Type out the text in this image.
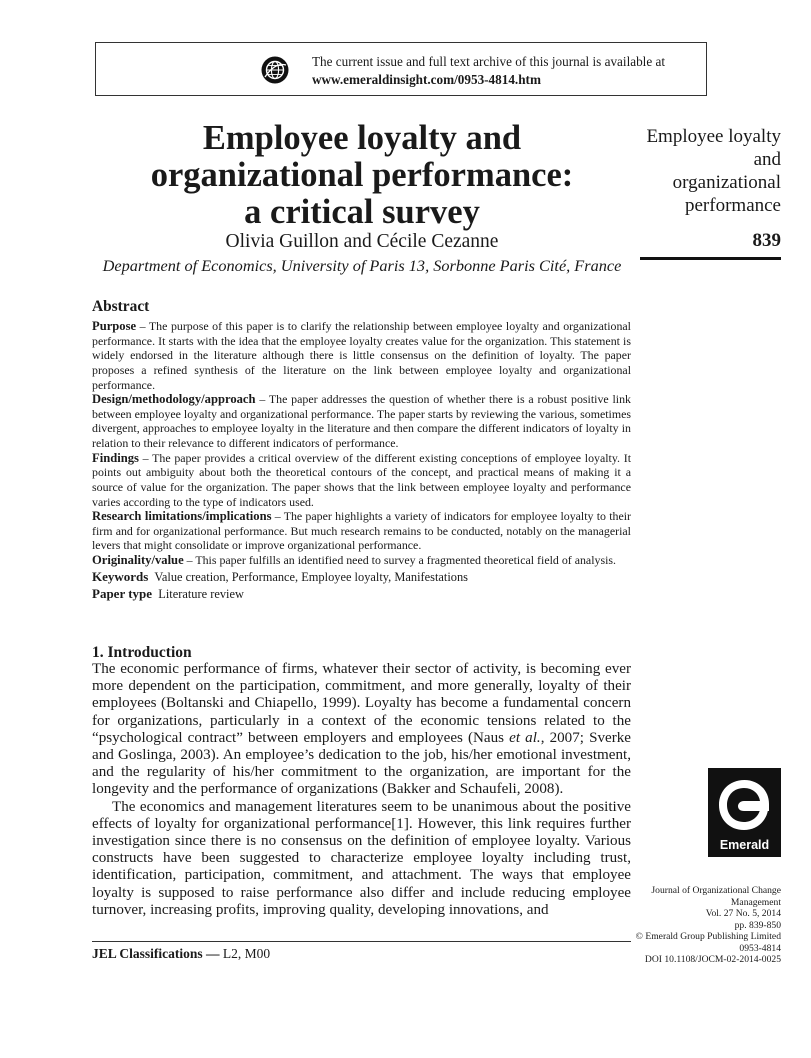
The current issue and full text archive of this journal is available at
www.emeraldinsight.com/0953-4814.htm
Employee loyalty and
organizational performance:
a critical survey
Olivia Guillon and Cécile Cezanne
Department of Economics, University of Paris 13, Sorbonne Paris Cité, France
Employee loyalty
and
organizational
performance
839
Abstract

Purpose – The purpose of this paper is to clarify the relationship between employee loyalty and organizational performance. It starts with the idea that the employee loyalty creates value for the organization. This statement is widely endorsed in the literature although there is little consensus on the definition of loyalty. The paper proposes a refined synthesis of the literature on the link between employee loyalty and organizational performance.

Design/methodology/approach – The paper addresses the question of whether there is a robust positive link between employee loyalty and organizational performance. The paper starts by reviewing the various, sometimes divergent, approaches to employee loyalty in the literature and then compare the different indicators of loyalty in relation to their relevance to different indicators of performance.

Findings – The paper provides a critical overview of the different existing conceptions of employee loyalty. It points out ambiguity about both the theoretical contours of the concept, and practical means of making it a source of value for the organization. The paper shows that the link between employee loyalty and performance varies according to the type of indicators used.

Research limitations/implications – The paper highlights a variety of indicators for employee loyalty to their firm and for organizational performance. But much research remains to be conducted, notably on the managerial levers that might consolidate or improve organizational performance.

Originality/value – This paper fulfills an identified need to survey a fragmented theoretical field of analysis.

Keywords Value creation, Performance, Employee loyalty, Manifestations

Paper type Literature review

1. Introduction

The economic performance of firms, whatever their sector of activity, is becoming ever more dependent on the participation, commitment, and more generally, loyalty of their employees (Boltanski and Chiapello, 1999). Loyalty has become a fundamental concern for organizations, particularly in a context of the economic tensions related to the “psychological contract” between employers and employees (Naus et al., 2007; Sverke and Goslinga, 2003). An employee’s dedication to the job, his/her emotional investment, and the regularity of his/her commitment to the organization, are important for the longevity and the performance of organizations (Bakker and Schaufeli, 2008).

The economics and management literatures seem to be unanimous about the positive effects of loyalty for organizational performance[1]. However, this link requires further investigation since there is no consensus on the definition of employee loyalty. Various constructs have been suggested to characterize employee loyalty including trust, identification, participation, commitment, and attachment. The ways that employee loyalty is supposed to raise performance also differ and include reducing employee turnover, increasing profits, improving quality, developing innovations, and

JEL Classifications — L2, M00
Emerald
Journal of Organizational Change
Management
Vol. 27 No. 5, 2014
pp. 839-850
© Emerald Group Publishing Limited
0953-4814
DOI 10.1108/JOCM-02-2014-0025
